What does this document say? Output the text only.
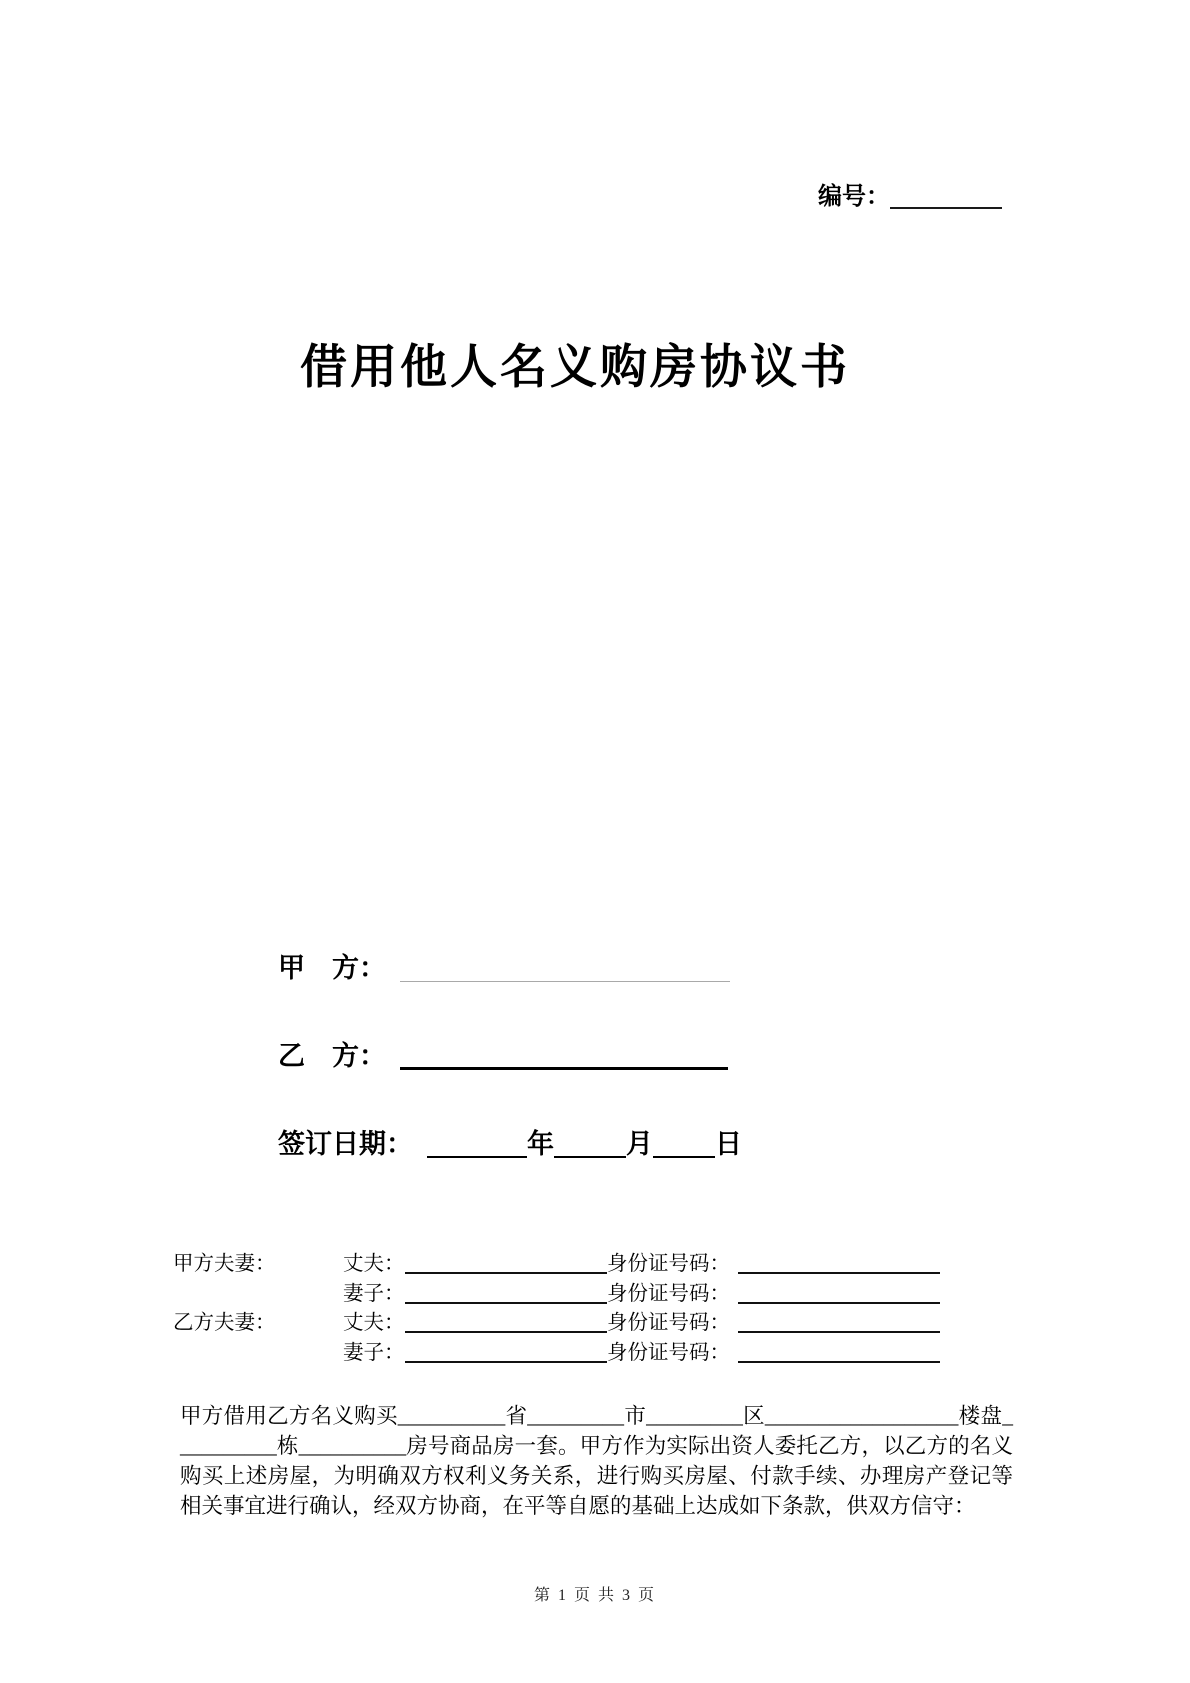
编号：
借用他人名义购房协议书
甲　方：
乙　方：
签订日期：	年	月 日
甲方夫妻：	丈夫：	身份证号码：
妻子：	身份证号码：
乙方夫妻：	丈夫：	身份证号码：
妻子：	身份证号码：
甲方借用乙方名义购买__________省_________市_________区__________________楼盘__________栋__________房号商品房一套。甲方作为实际出资人委托乙方，以乙方的名义购买上述房屋，为明确双方权利义务关系，进行购买房屋、付款手续、办理房产登记等相关事宜进行确认，经双方协商，在平等自愿的基础上达成如下条款，供双方信守：
第 1 页 共 3 页
